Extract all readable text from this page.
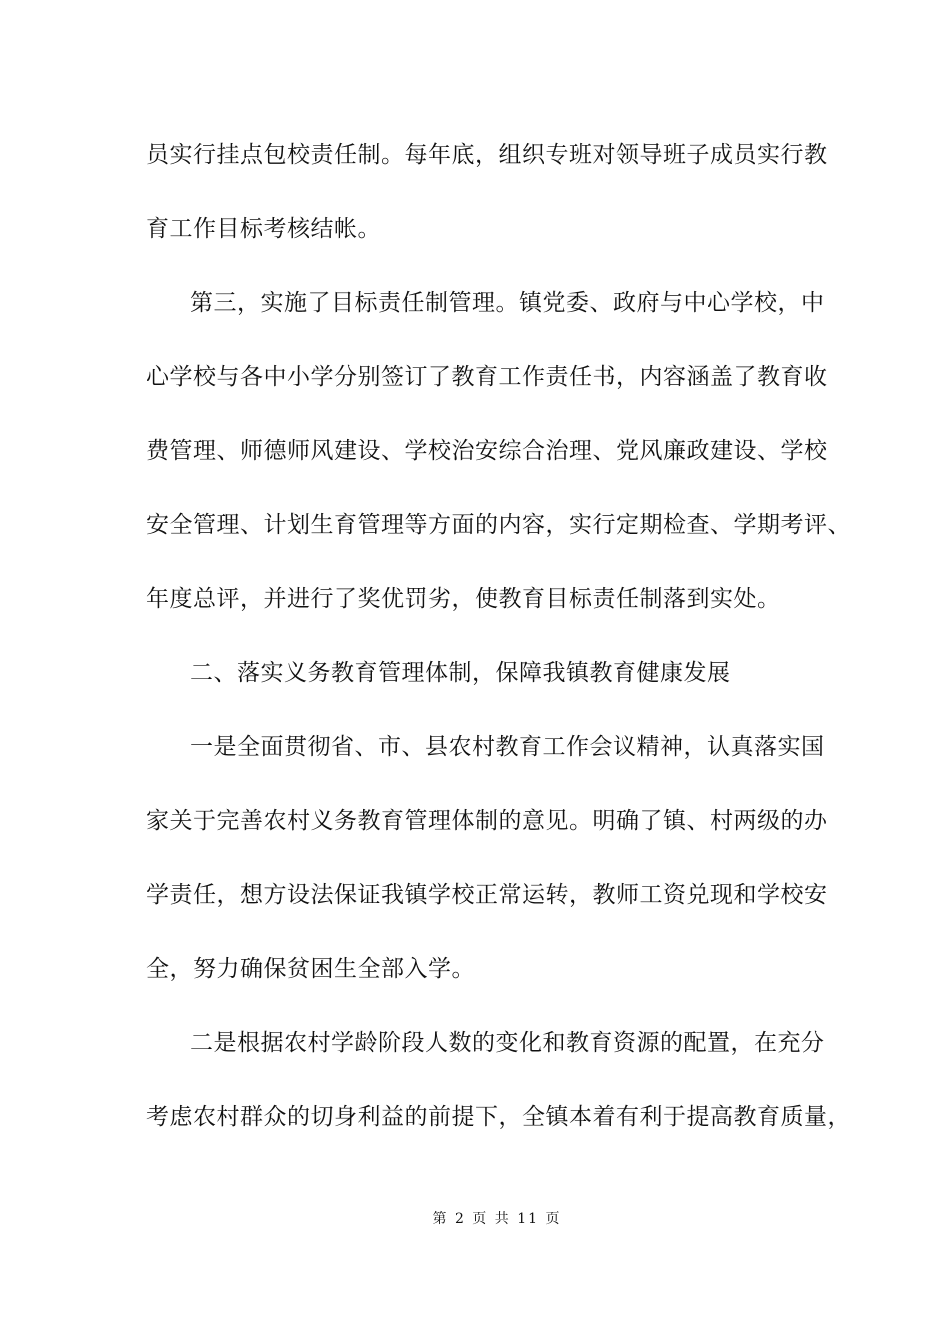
员实行挂点包校责任制。每年底，组织专班对领导班子成员实行教
育工作目标考核结帐。
第三，实施了目标责任制管理。镇党委、政府与中心学校，中
心学校与各中小学分别签订了教育工作责任书，内容涵盖了教育收
费管理、师德师风建设、学校治安综合治理、党风廉政建设、学校
安全管理、计划生育管理等方面的内容，实行定期检查、学期考评、
年度总评，并进行了奖优罚劣，使教育目标责任制落到实处。
二、落实义务教育管理体制，保障我镇教育健康发展
一是全面贯彻省、市、县农村教育工作会议精神，认真落实国
家关于完善农村义务教育管理体制的意见。明确了镇、村两级的办
学责任，想方设法保证我镇学校正常运转，教师工资兑现和学校安
全，努力确保贫困生全部入学。
二是根据农村学龄阶段人数的变化和教育资源的配置，在充分
考虑农村群众的切身利益的前提下，全镇本着有利于提高教育质量，
第 2 页 共 11 页
